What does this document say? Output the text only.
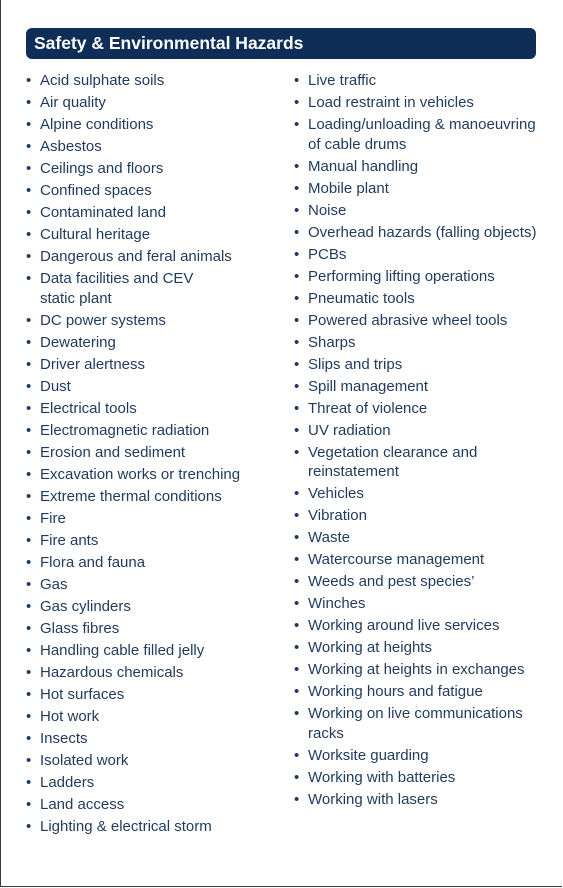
Safety & Environmental Hazards
• Acid sulphate soils
• Air quality
• Alpine conditions
• Asbestos
• Ceilings and floors
• Confined spaces
• Contaminated land
• Cultural heritage
• Dangerous and feral animals
• Data facilities and CEV
static plant
• DC power systems
• Dewatering
• Driver alertness
• Dust
• Electrical tools
• Electromagnetic radiation
• Erosion and sediment
• Excavation works or trenching
• Extreme thermal conditions
• Fire
• Fire ants
• Flora and fauna
• Gas
• Gas cylinders
• Glass fibres
• Handling cable filled jelly
• Hazardous chemicals
• Hot surfaces
• Hot work
• Insects
• Isolated work
• Ladders
• Land access
• Lighting & electrical storm
• Live traffic
• Load restraint in vehicles
• Loading/unloading & manoeuvring
of cable drums
• Manual handling
• Mobile plant
• Noise
• Overhead hazards (falling objects)
• PCBs
• Performing lifting operations
• Pneumatic tools
• Powered abrasive wheel tools
• Sharps
• Slips and trips
• Spill management
• Threat of violence
• UV radiation
• Vegetation clearance and
reinstatement
• Vehicles
• Vibration
• Waste
• Watercourse management
• Weeds and pest species’
• Winches
• Working around live services
• Working at heights
• Working at heights in exchanges
• Working hours and fatigue
• Working on live communications
racks
• Worksite guarding
• Working with batteries
• Working with lasers
